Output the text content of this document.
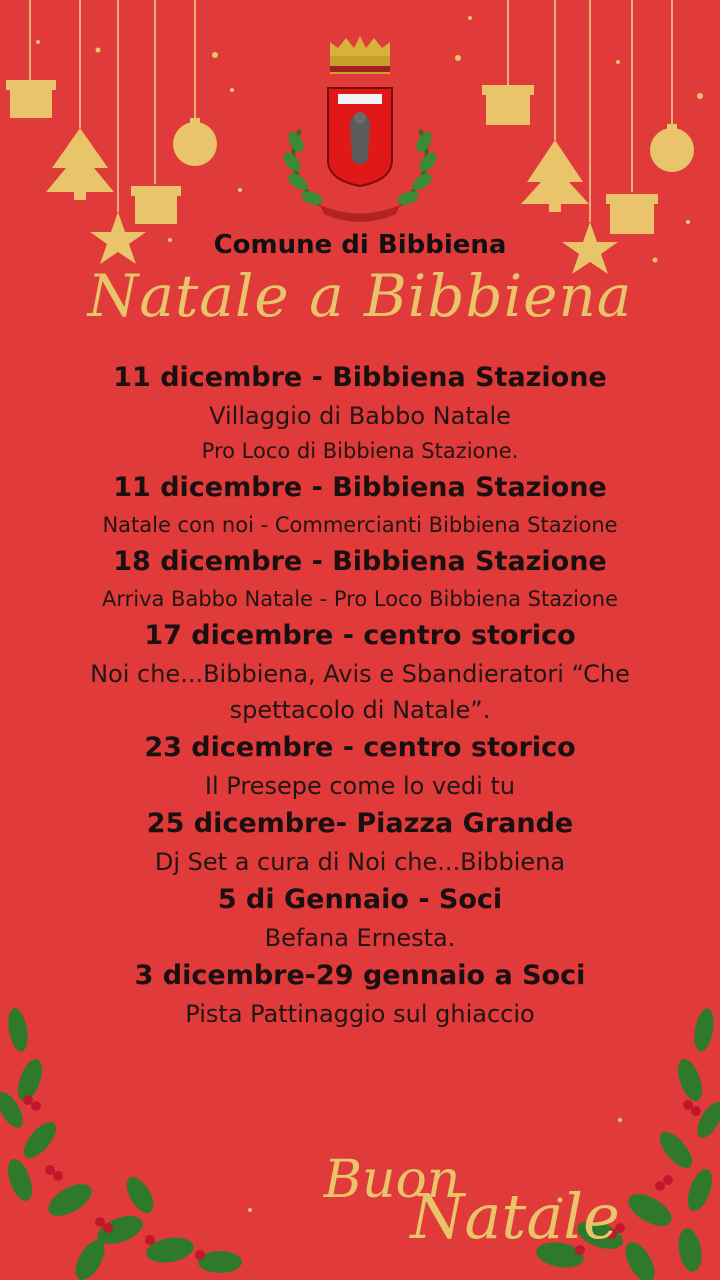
Comune di Bibbiena
Natale a Bibbiena

11 dicembre - Bibbiena Stazione

Villaggio di Babbo Natale

Pro Loco di Bibbiena Stazione.

11 dicembre - Bibbiena Stazione

Natale con noi - Commercianti Bibbiena Stazione

18 dicembre - Bibbiena Stazione

Arriva Babbo Natale - Pro Loco Bibbiena Stazione

17 dicembre - centro storico

Noi che...Bibbiena, Avis e Sbandieratori “Che

spettacolo di Natale”.

23 dicembre - centro storico

Il Presepe come lo vedi tu

25 dicembre- Piazza Grande

Dj Set a cura di Noi che...Bibbiena

5 di Gennaio - Soci

Befana Ernesta.

3 dicembre-29 gennaio a Soci

Pista Pattinaggio sul ghiaccio

Buon
Natale
